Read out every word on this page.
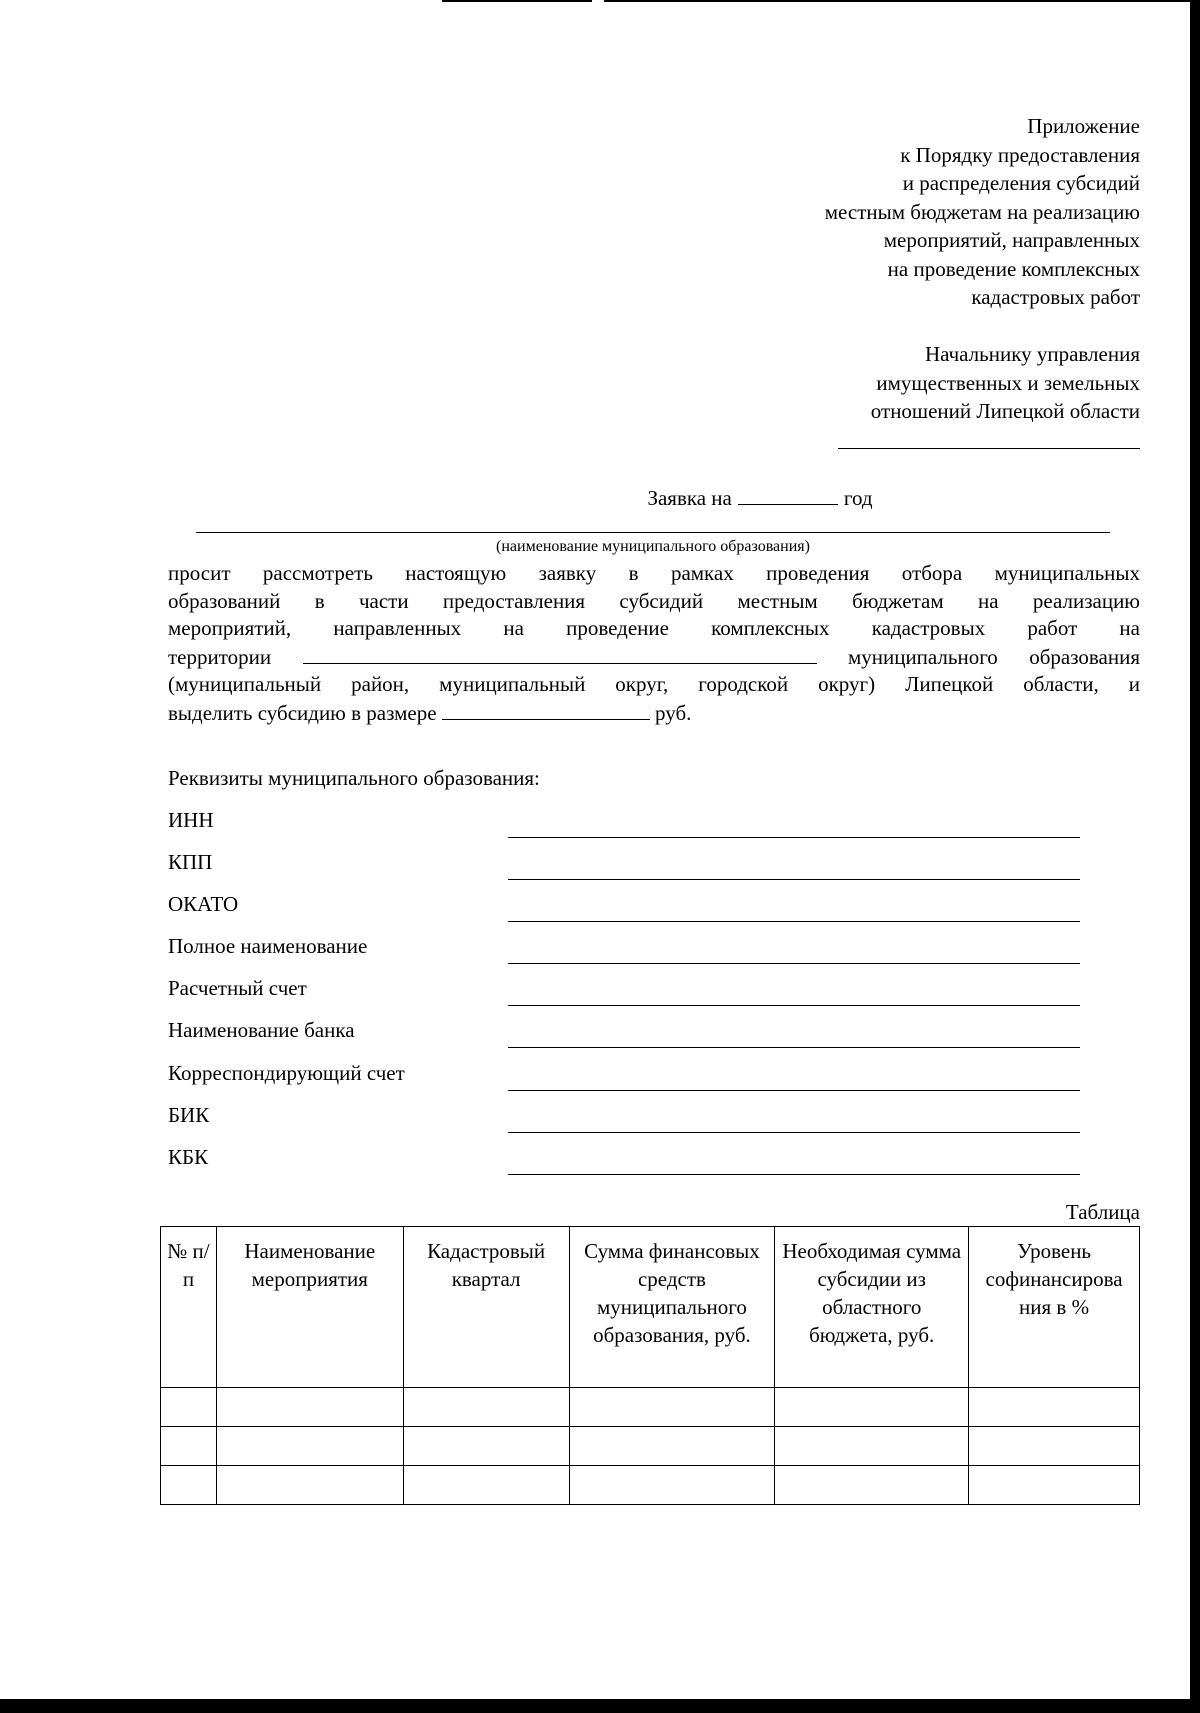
Приложение
к Порядку предоставления
и распределения субсидий
местным бюджетам на реализацию
мероприятий, направленных
на проведение комплексных
кадастровых работ
Начальнику управления
имущественных и земельных
отношений Липецкой области
Заявка на	год
(наименование муниципального образования)

просит рассмотреть настоящую заявку в рамках проведения отбора муниципальных

образований в части предоставления субсидий местным бюджетам на реализацию

мероприятий, направленных на проведение комплексных кадастровых работ на

территории	муниципального образования

(муниципальный район, муниципальный округ, городской округ) Липецкой области, и

выделить субсидию в размере	руб.

Реквизиты муниципального образования:
ИНН
КПП
ОКАТО
Полное наименование
Расчетный счет
Наименование банка
Корреспондирующий счет
БИК
КБК
Таблица
№ п/п	Наименование мероприятия	Кадастровый квартал	Сумма финансовых средств муниципального образования, руб.	Необходимая сумма субсидии из областного бюджета, руб.	Уровень софинансирова ния в %
